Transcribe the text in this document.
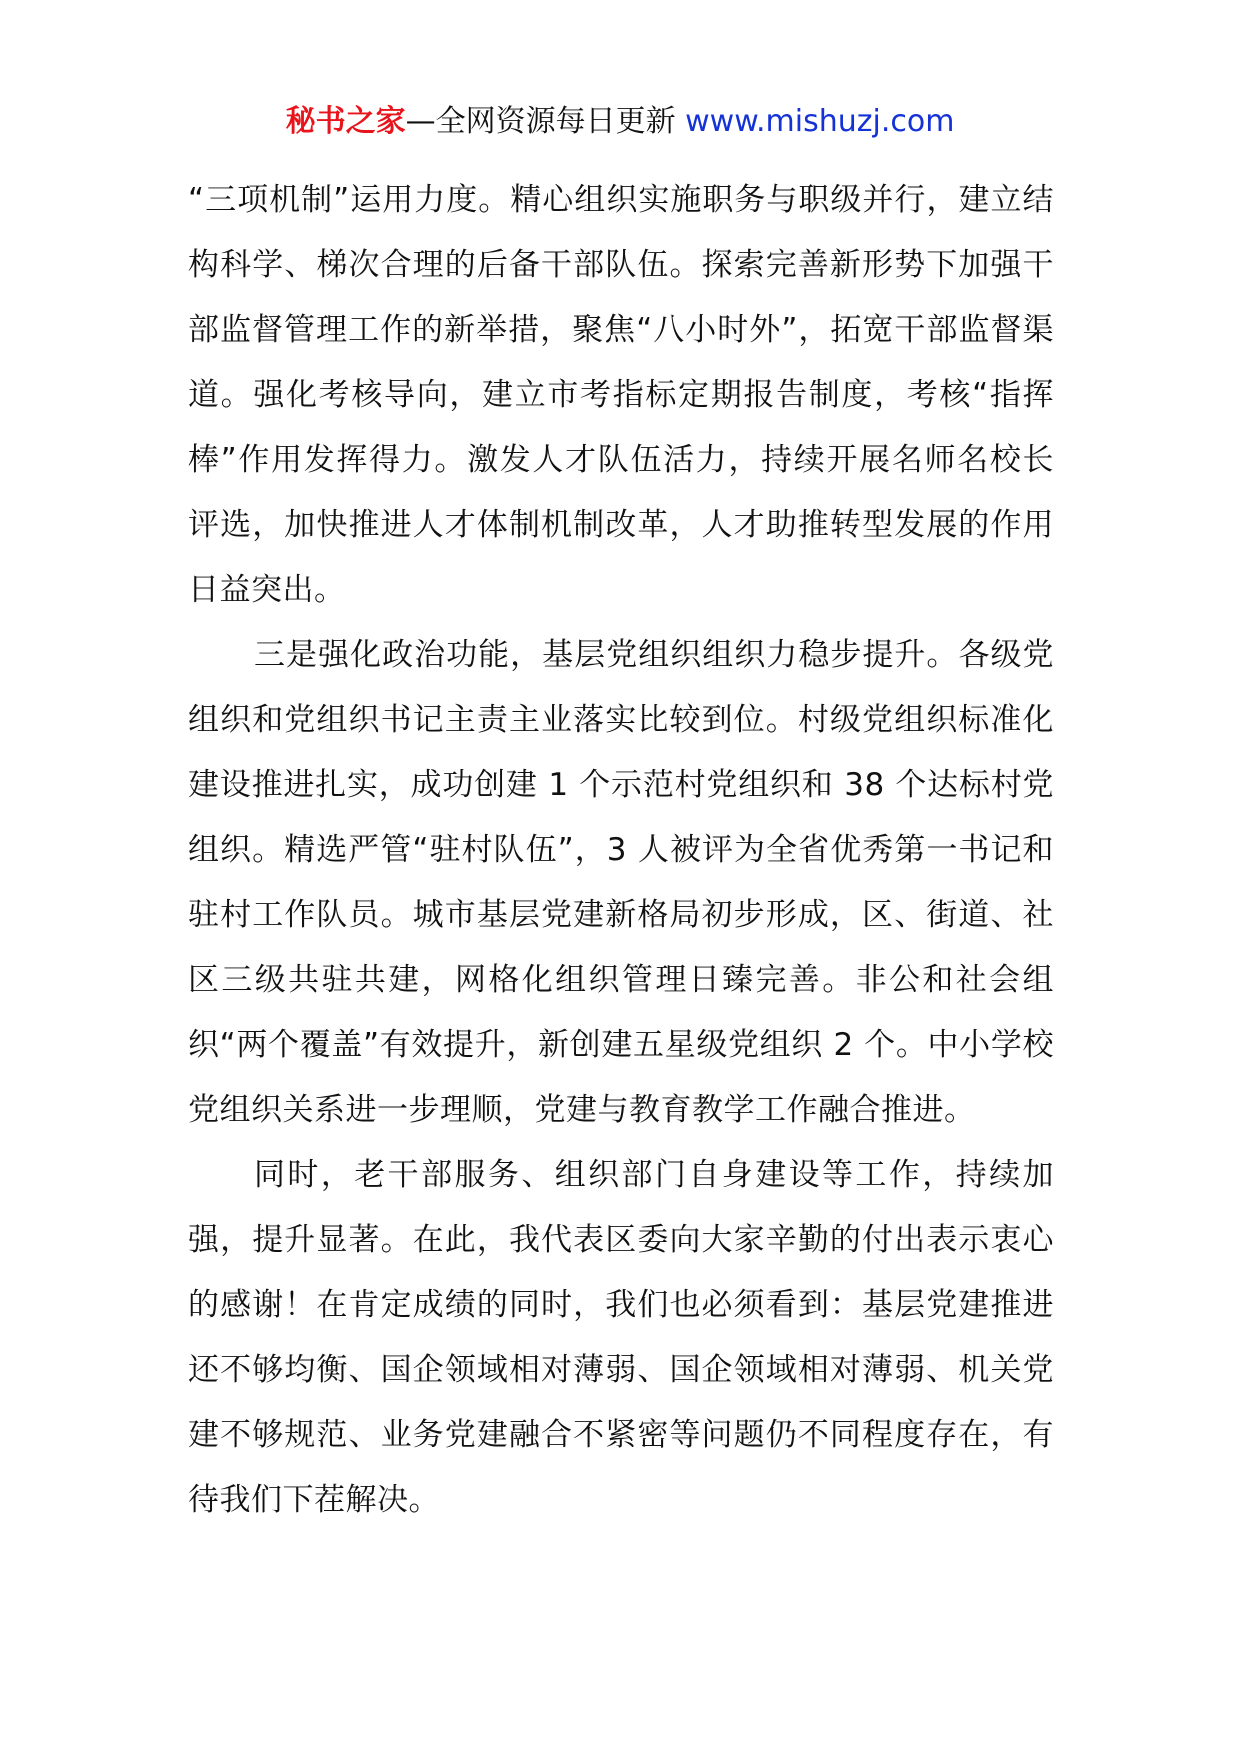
秘书之家—全网资源每日更新 www.mishuzj.com

“三项机制”运用力度。精心组织实施职务与职级并行，建立结构科学、梯次合理的后备干部队伍。探索完善新形势下加强干部监督管理工作的新举措，聚焦“八小时外”，拓宽干部监督渠道。强化考核导向，建立市考指标定期报告制度，考核“指挥棒”作用发挥得力。激发人才队伍活力，持续开展名师名校长评选，加快推进人才体制机制改革，人才助推转型发展的作用日益突出。

三是强化政治功能，基层党组织组织力稳步提升。各级党组织和党组织书记主责主业落实比较到位。村级党组织标准化建设推进扎实，成功创建 1 个示范村党组织和 38 个达标村党组织。精选严管“驻村队伍”，3 人被评为全省优秀第一书记和驻村工作队员。城市基层党建新格局初步形成，区、街道、社区三级共驻共建，网格化组织管理日臻完善。非公和社会组织“两个覆盖”有效提升，新创建五星级党组织 2 个。中小学校党组织关系进一步理顺，党建与教育教学工作融合推进。

同时，老干部服务、组织部门自身建设等工作，持续加强，提升显著。在此，我代表区委向大家辛勤的付出表示衷心的感谢！在肯定成绩的同时，我们也必须看到：基层党建推进还不够均衡、国企领域相对薄弱、国企领域相对薄弱、机关党建不够规范、业务党建融合不紧密等问题仍不同程度存在，有待我们下茬解决。
